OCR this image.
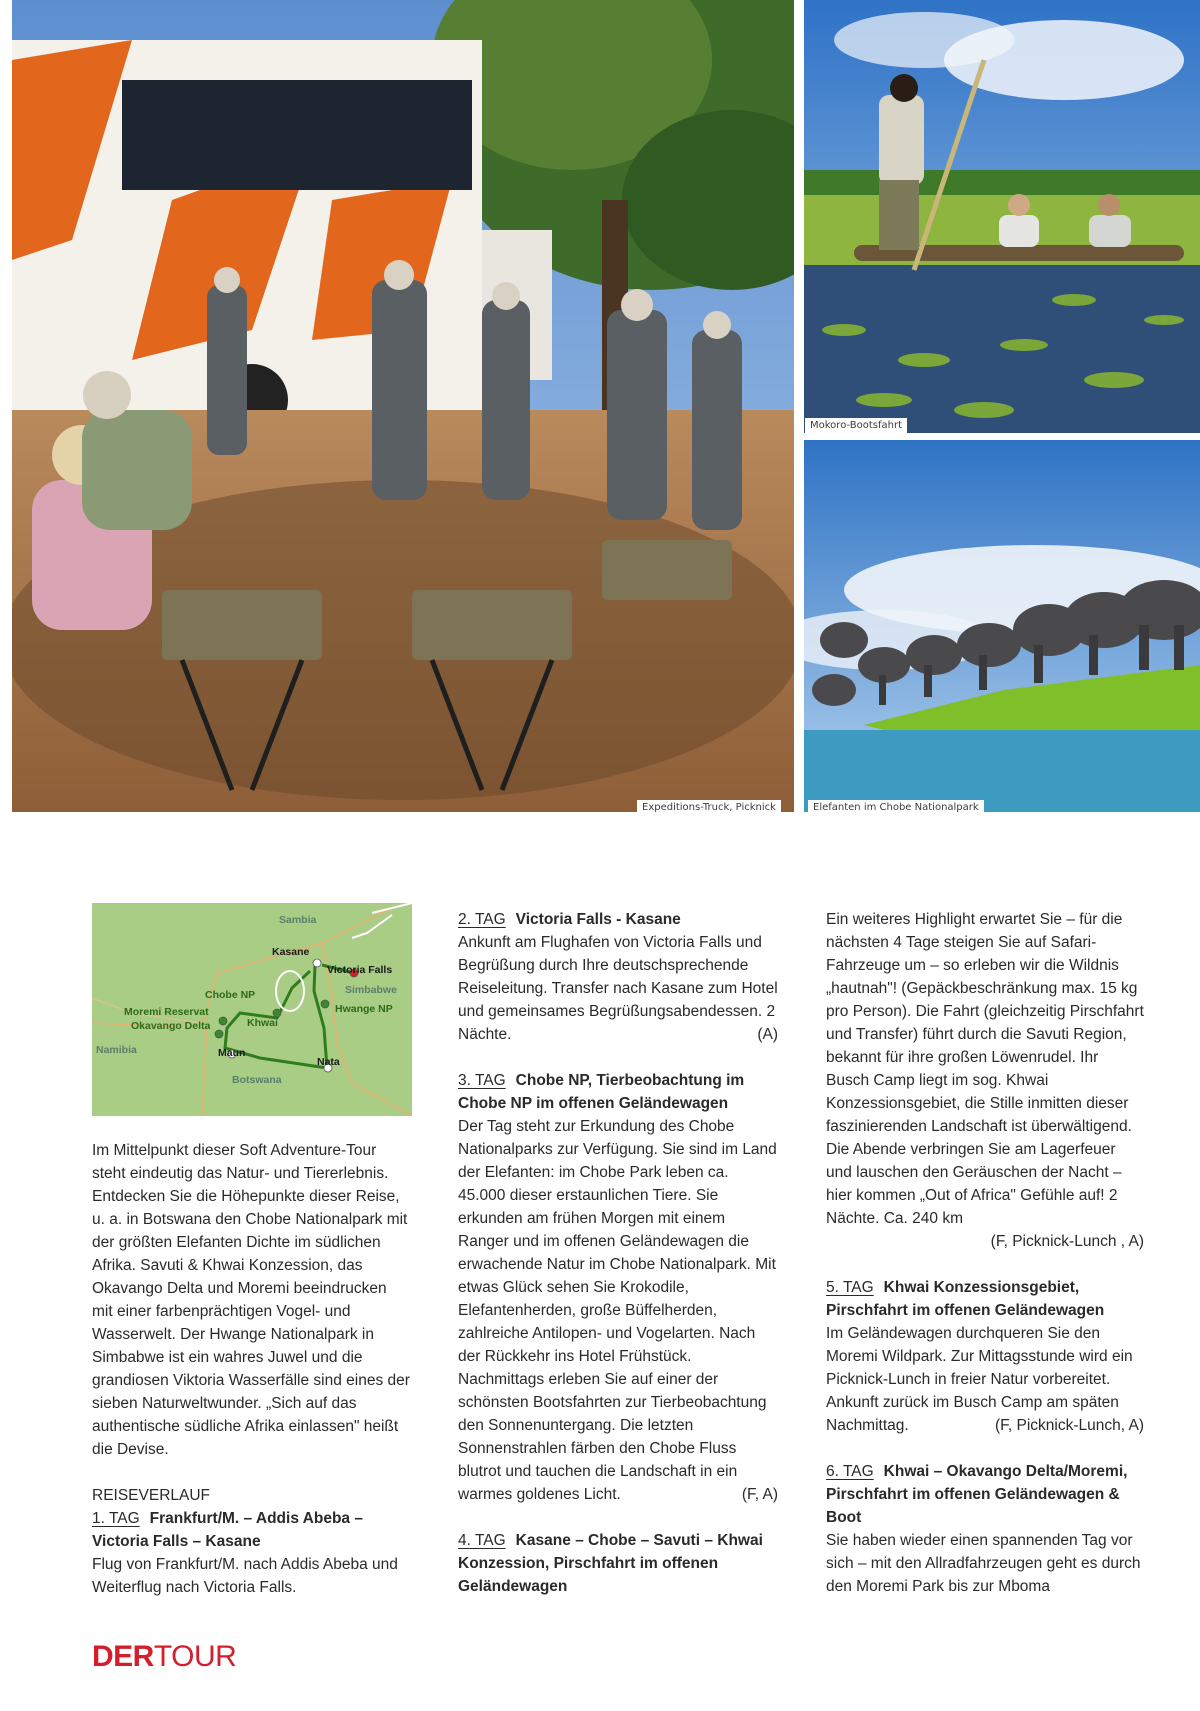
Expeditions-Truck, Picknick
Mokoro-Bootsfahrt
Elefanten im Chobe Nationalpark
Sambia
Kasane
Victoria Falls
Chobe NP	Simbabwe
Hwange NP
Moremi Reservat
Okavango Delta	Khwai
Namibia	Maun
Nata
Botswana

Im Mittelpunkt dieser Soft Adventure-Tour steht eindeutig das Natur- und Tiererlebnis. Entdecken Sie die Höhepunkte dieser Reise, u. a. in Botswana den Chobe Nationalpark mit der größten Elefanten Dichte im südlichen Afrika. Savuti & Khwai Konzession, das Okavango Delta und Moremi beeindrucken mit einer farbenprächtigen Vogel- und Wasserwelt. Der Hwange Nationalpark in Simbabwe ist ein wahres Juwel und die grandiosen Viktoria Wasserfälle sind eines der sieben Naturweltwunder. „Sich auf das authentische südliche Afrika einlassen" heißt die Devise.

REISEVERLAUF

1. TAG Frankfurt/M. – Addis Abeba – Victoria Falls – Kasane

Flug von Frankfurt/M. nach Addis Abeba und Weiterflug nach Victoria Falls.

2. TAG Victoria Falls - Kasane

Ankunft am Flughafen von Victoria Falls und Begrüßung durch Ihre deutschsprechende Reiseleitung. Transfer nach Kasane zum Hotel und gemeinsames Begrüßungsabendessen. 2 Nächte.	(A)

3. TAG Chobe NP, Tierbeobachtung im Chobe NP im offenen Geländewagen

Der Tag steht zur Erkundung des Chobe Nationalparks zur Verfügung. Sie sind im Land der Elefanten: im Chobe Park leben ca. 45.000 dieser erstaunlichen Tiere. Sie erkunden am frühen Morgen mit einem Ranger und im offenen Geländewagen die erwachende Natur im Chobe Nationalpark. Mit etwas Glück sehen Sie Krokodile, Elefantenherden, große Büffelherden, zahlreiche Antilopen- und Vogelarten. Nach der Rückkehr ins Hotel Frühstück. Nachmittags erleben Sie auf einer der schönsten Bootsfahrten zur Tierbeobachtung den Sonnenuntergang. Die letzten Sonnenstrahlen färben den Chobe Fluss blutrot und tauchen die Landschaft in ein warmes goldenes Licht.	(F, A)

4. TAG Kasane – Chobe – Savuti – Khwai Konzession, Pirschfahrt im offenen Geländewagen

Ein weiteres Highlight erwartet Sie – für die nächsten 4 Tage steigen Sie auf Safari-Fahrzeuge um – so erleben wir die Wildnis „hautnah"! (Gepäckbeschränkung max. 15 kg pro Person). Die Fahrt (gleichzeitig Pirschfahrt und Transfer) führt durch die Savuti Region, bekannt für ihre großen Löwenrudel. Ihr Busch Camp liegt im sog. Khwai Konzessionsgebiet, die Stille inmitten dieser faszinierenden Landschaft ist überwältigend. Die Abende verbringen Sie am Lagerfeuer und lauschen den Geräuschen der Nacht – hier kommen „Out of Africa" Gefühle auf! 2 Nächte. Ca. 240 km

(F, Picknick-Lunch , A)

5. TAG Khwai Konzessionsgebiet, Pirschfahrt im offenen Geländewagen

Im Geländewagen durchqueren Sie den Moremi Wildpark. Zur Mittagsstunde wird ein Picknick-Lunch in freier Natur vorbereitet. Ankunft zurück im Busch Camp am späten Nachmittag.	(F, Picknick-Lunch, A)

6. TAG Khwai – Okavango Delta/Moremi, Pirschfahrt im offenen Geländewagen & Boot

Sie haben wieder einen spannenden Tag vor sich – mit den Allradfahrzeugen geht es durch den Moremi Park bis zur Mboma

DERTOUR
